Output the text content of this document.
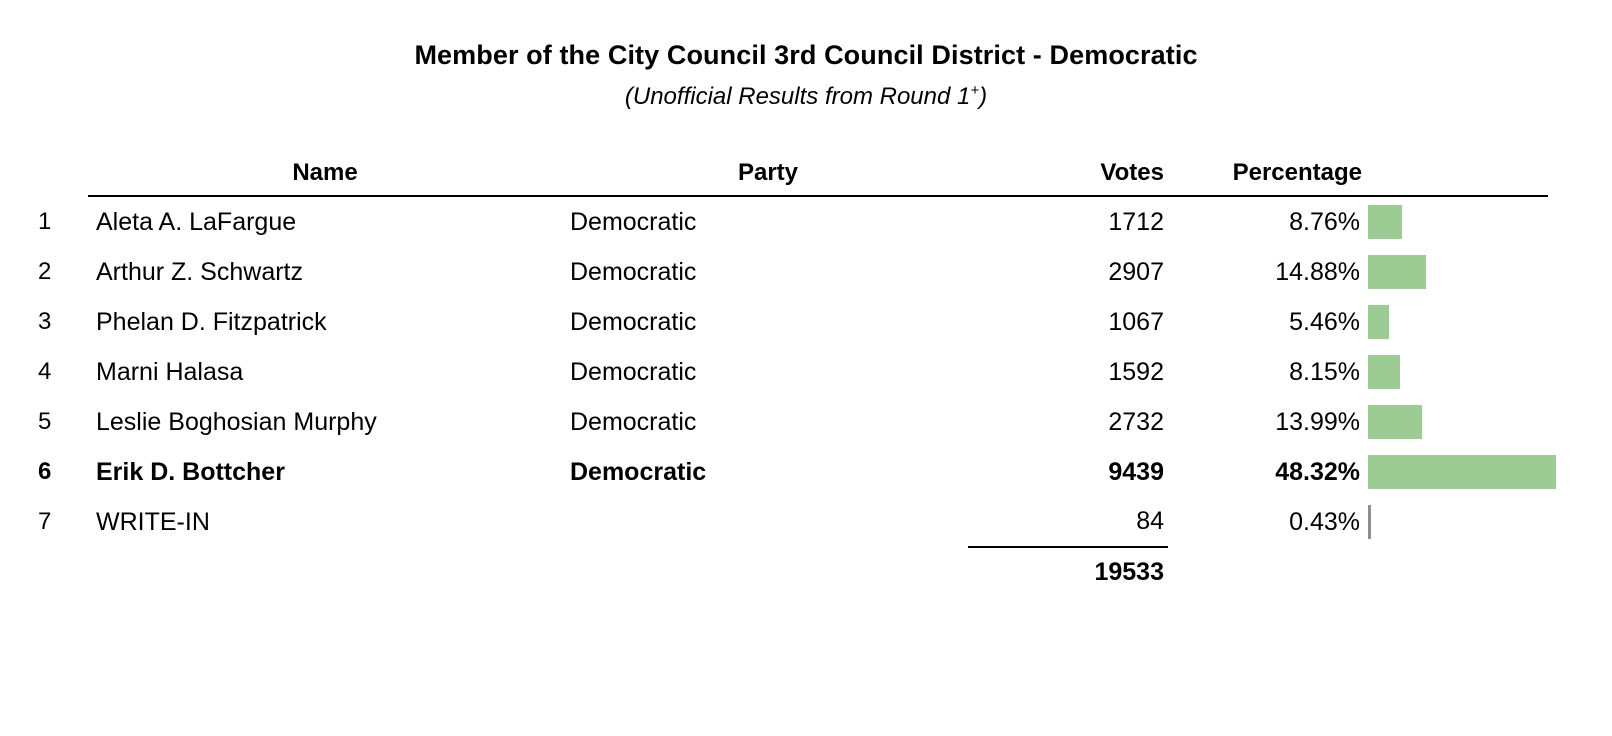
Member of the City Council 3rd Council District - Democratic
(Unofficial Results from Round 1+)
	Name	Party	Votes	Percentage	
1	Aleta A. LaFargue	Democratic	1712	8.76%	

2	Arthur Z. Schwartz	Democratic	2907	14.88%	

3	Phelan D. Fitzpatrick	Democratic	1067	5.46%	

4	Marni Halasa	Democratic	1592	8.15%	

5	Leslie Boghosian Murphy	Democratic	2732	13.99%	

6	Erik D. Bottcher	Democratic	9439	48.32%	

7	WRITE-IN		84	0.43%	

			19533		
